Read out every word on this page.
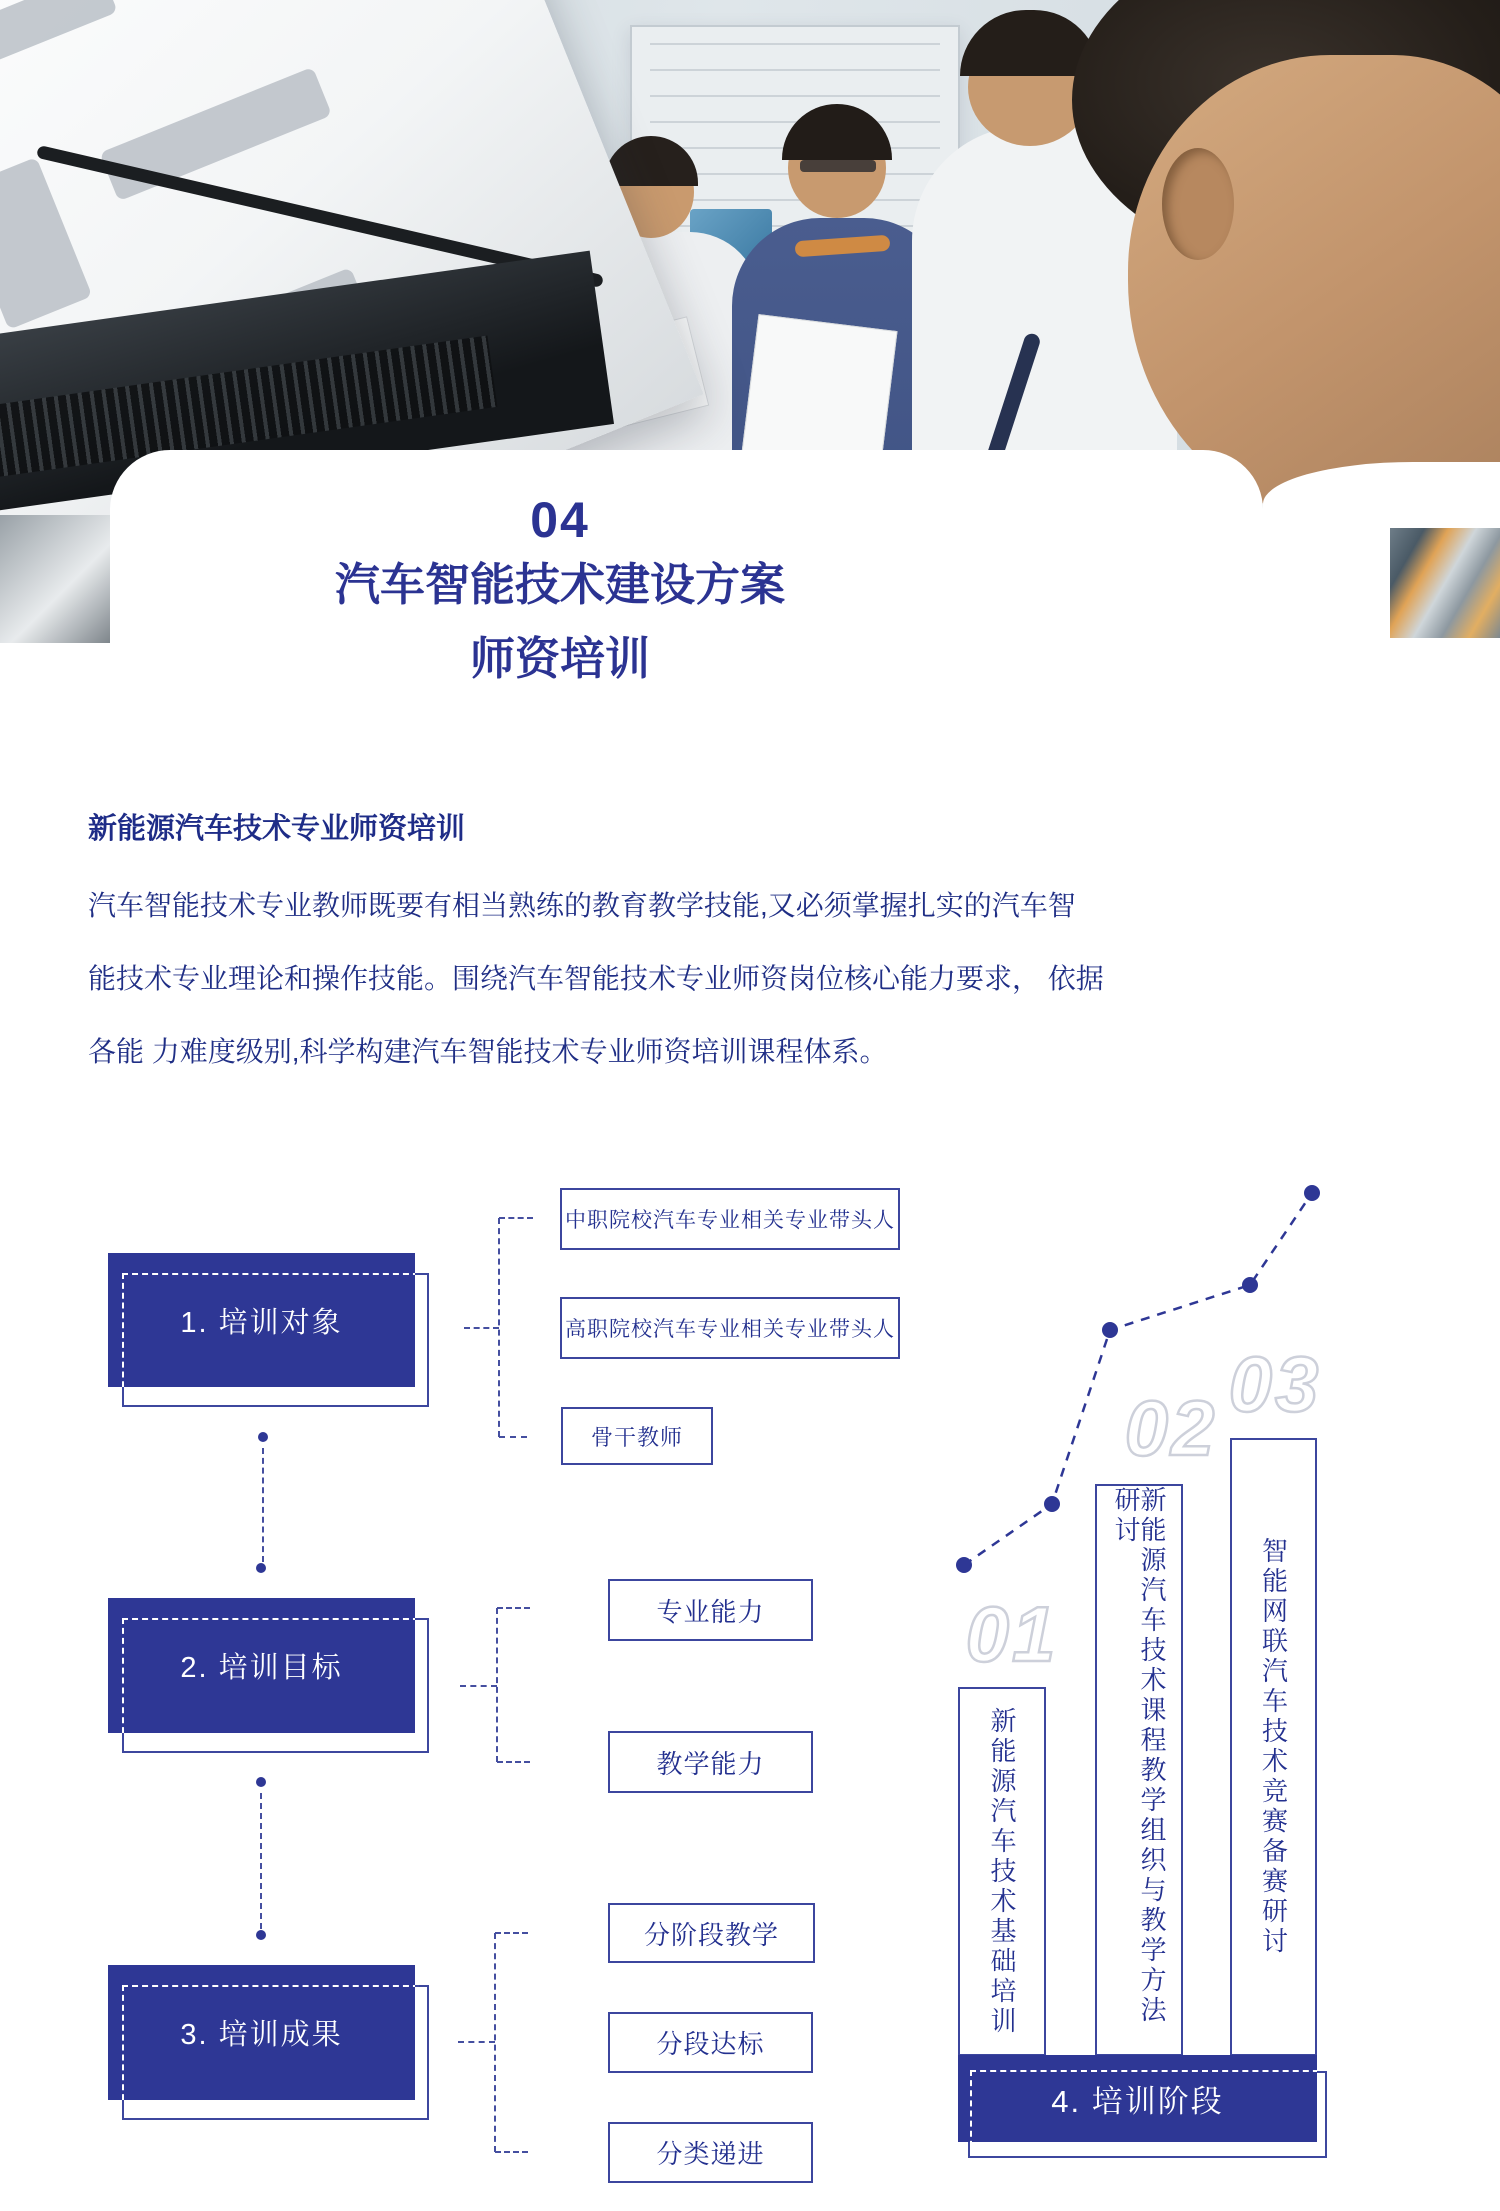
04
汽车智能技术建设方案
师资培训
新能源汽车技术专业师资培训
汽车智能技术专业教师既要有相当熟练的教育教学技能,又必须掌握扎实的汽车智
能技术专业理论和操作技能。围绕汽车智能技术专业师资岗位核心能力要求， 依据
各能 力难度级别,科学构建汽车智能技术专业师资培训课程体系。
1. 培训对象
2. 培训目标
3. 培训成果
中职院校汽车专业相关专业带头人
高职院校汽车专业相关专业带头人
骨干教师
专业能力
教学能力
分阶段教学
分段达标
分类递进
01
02 03
新能源汽车技术基础培训	新能源汽车技术课程教学组织与教学方法研讨
智能网联汽车技术竞赛备赛研讨
4. 培训阶段
